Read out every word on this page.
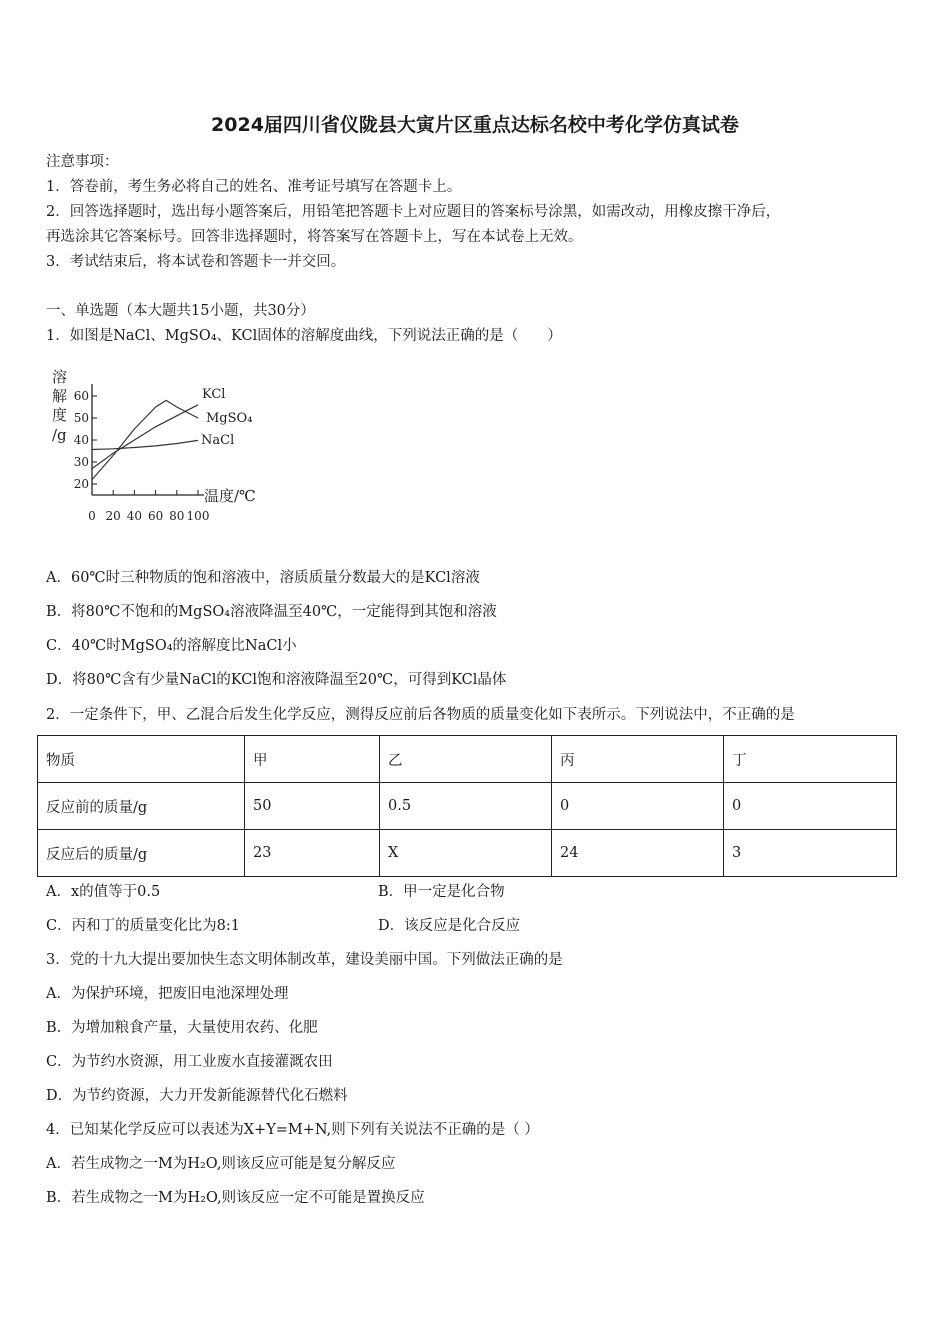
2024届四川省仪陇县大寅片区重点达标名校中考化学仿真试卷
注意事项：
1．答卷前，考生务必将自己的姓名、准考证号填写在答题卡上。
2．回答选择题时，选出每小题答案后，用铅笔把答题卡上对应题目的答案标号涂黑，如需改动，用橡皮擦干净后，
再选涂其它答案标号。回答非选择题时，将答案写在答题卡上，写在本试卷上无效。
3．考试结束后，将本试卷和答题卡一并交回。
一、单选题（本大题共15小题，共30分）
1．如图是NaCl、MgSO₄、KCl固体的溶解度曲线，下列说法正确的是（　　）
溶
解
度
/g
0 20 40 60 80 100
20
30
40
50
60
温度/℃
KCl
MgSO₄
NaCl
A．60℃时三种物质的饱和溶液中，溶质质量分数最大的是KCl溶液
B．将80℃不饱和的MgSO₄溶液降温至40℃，一定能得到其饱和溶液
C．40℃时MgSO₄的溶解度比NaCl小
D．将80℃含有少量NaCl的KCl饱和溶液降温至20℃，可得到KCl晶体
2．一定条件下，甲、乙混合后发生化学反应，测得反应前后各物质的质量变化如下表所示。下列说法中，不正确的是
物质	甲	乙	丙	丁
反应前的质量/g	50	0.5	0	0
反应后的质量/g	23	X	24	3
A．x的值等于0.5	B．甲一定是化合物
C．丙和丁的质量变化比为8:1	D．该反应是化合反应
3．党的十九大提出要加快生态文明体制改革，建设美丽中国。下列做法正确的是
A．为保护环境，把废旧电池深埋处理
B．为增加粮食产量，大量使用农药、化肥
C．为节约水资源，用工业废水直接灌溉农田
D．为节约资源，大力开发新能源替代化石燃料
4．已知某化学反应可以表述为X+Y=M+N,则下列有关说法不正确的是（ ）
A．若生成物之一M为H₂O,则该反应可能是复分解反应
B．若生成物之一M为H₂O,则该反应一定不可能是置换反应
